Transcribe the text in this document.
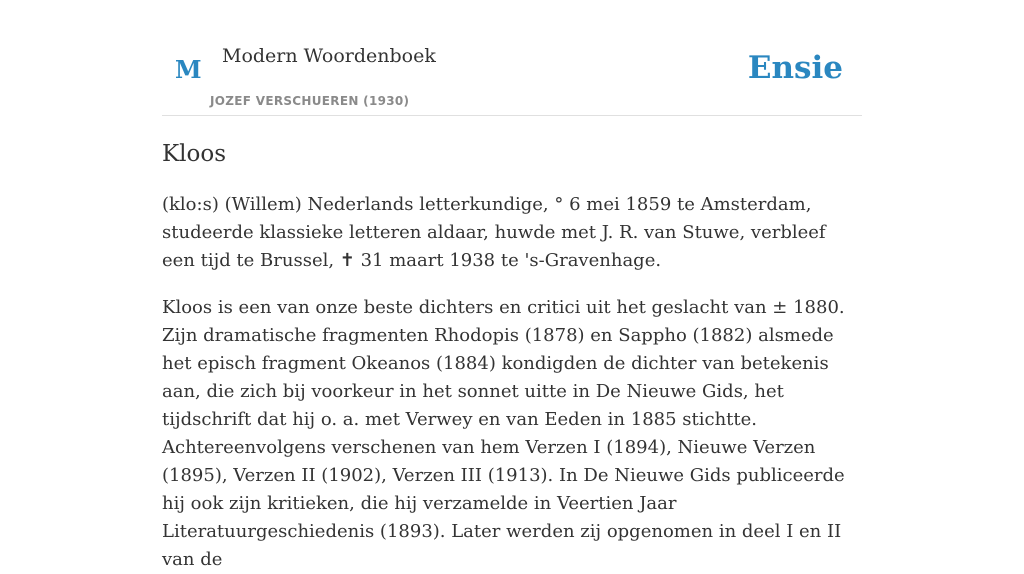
M Modern Woordenboek
JOZEF VERSCHUEREN (1930)
Ensie
Kloos

(klo:s) (Willem) Nederlands letterkundige, ° 6 mei 1859 te Amsterdam, studeerde klassieke letteren aldaar, huwde met J. R. van Stuwe, verbleef een tijd te Brussel, ✝ 31 maart 1938 te 's-Gravenhage.

Kloos is een van onze beste dichters en critici uit het geslacht van ± 1880. Zijn dramatische fragmenten Rhodopis (1878) en Sappho (1882) alsmede het episch fragment Okeanos (1884) kondigden de dichter van betekenis aan, die zich bij voorkeur in het sonnet uitte in De Nieuwe Gids, het tijdschrift dat hij o. a. met Verwey en van Eeden in 1885 stichtte. Achtereenvolgens verschenen van hem Verzen I (1894), Nieuwe Verzen (1895), Verzen II (1902), Verzen III (1913). In De Nieuwe Gids publiceerde hij ook zijn kritieken, die hij verzamelde in Veertien Jaar Literatuurgeschiedenis (1893). Later werden zij opgenomen in deel I en II van de
